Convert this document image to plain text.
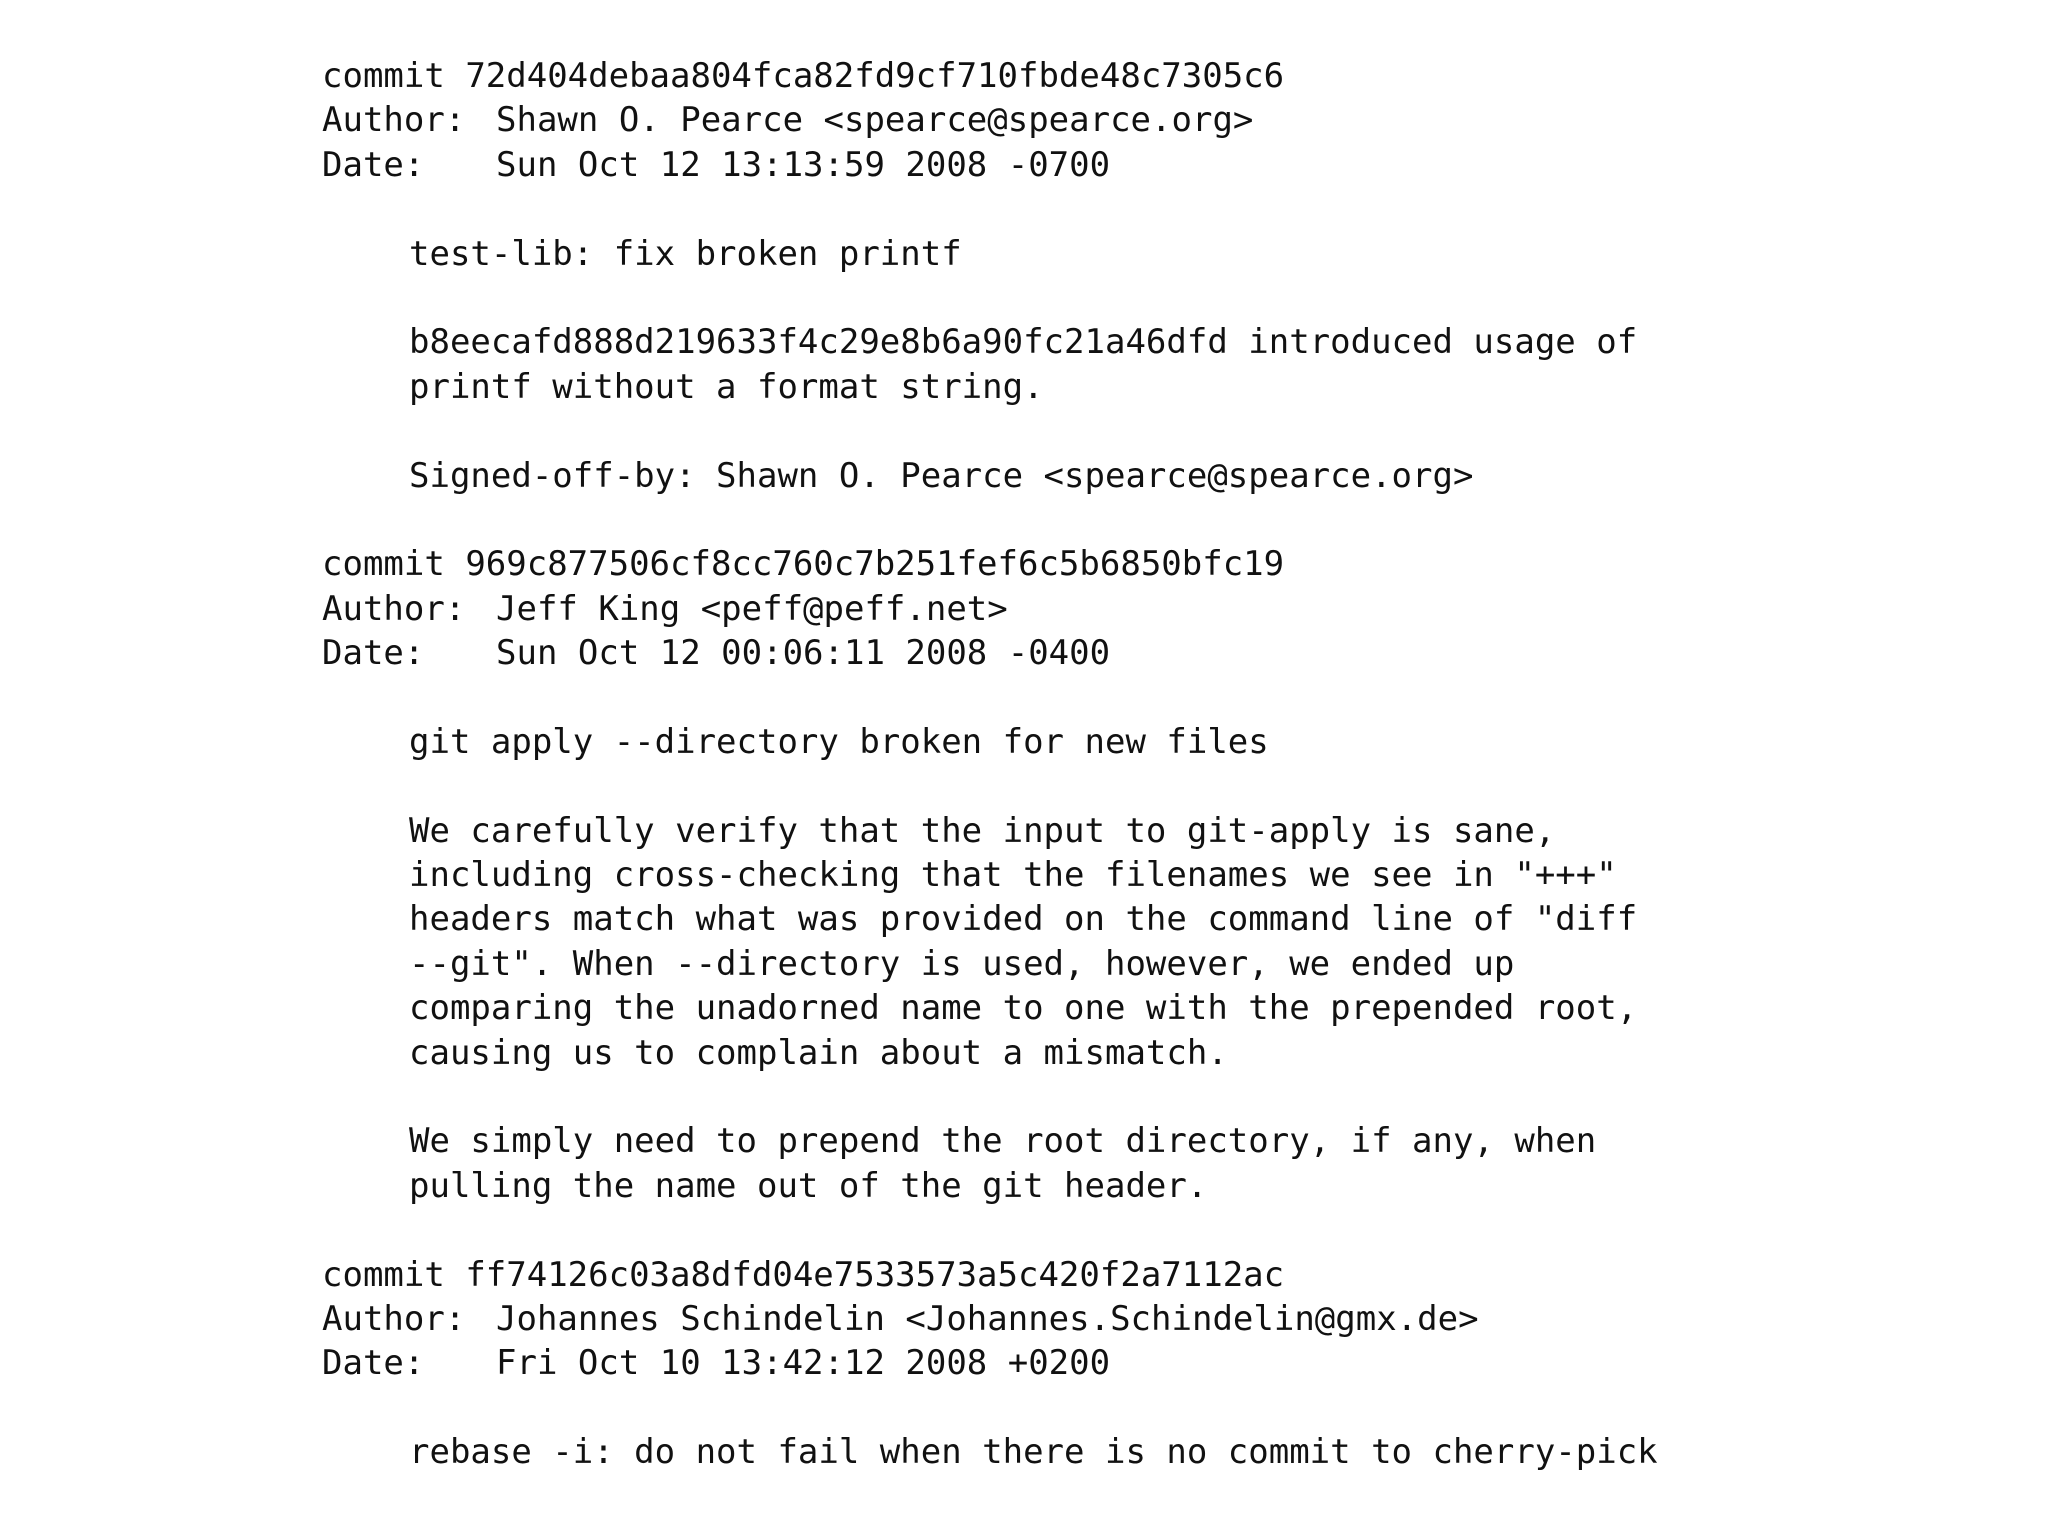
commit 72d404debaa804fca82fd9cf710fbde48c7305c6
Author: Shawn O. Pearce <spearce@spearce.org>
Date: Sun Oct 12 13:13:59 2008 -0700
test-lib: fix broken printf
b8eecafd888d219633f4c29e8b6a90fc21a46dfd introduced usage of
printf without a format string.
Signed-off-by: Shawn O. Pearce <spearce@spearce.org>
commit 969c877506cf8cc760c7b251fef6c5b6850bfc19
Author: Jeff King <peff@peff.net>
Date: Sun Oct 12 00:06:11 2008 -0400
git apply --directory broken for new files
We carefully verify that the input to git-apply is sane,
including cross-checking that the filenames we see in "+++"
headers match what was provided on the command line of "diff
--git". When --directory is used, however, we ended up
comparing the unadorned name to one with the prepended root,
causing us to complain about a mismatch.
We simply need to prepend the root directory, if any, when
pulling the name out of the git header.
commit ff74126c03a8dfd04e7533573a5c420f2a7112ac
Author: Johannes Schindelin <Johannes.Schindelin@gmx.de>
Date: Fri Oct 10 13:42:12 2008 +0200
rebase -i: do not fail when there is no commit to cherry-pick
